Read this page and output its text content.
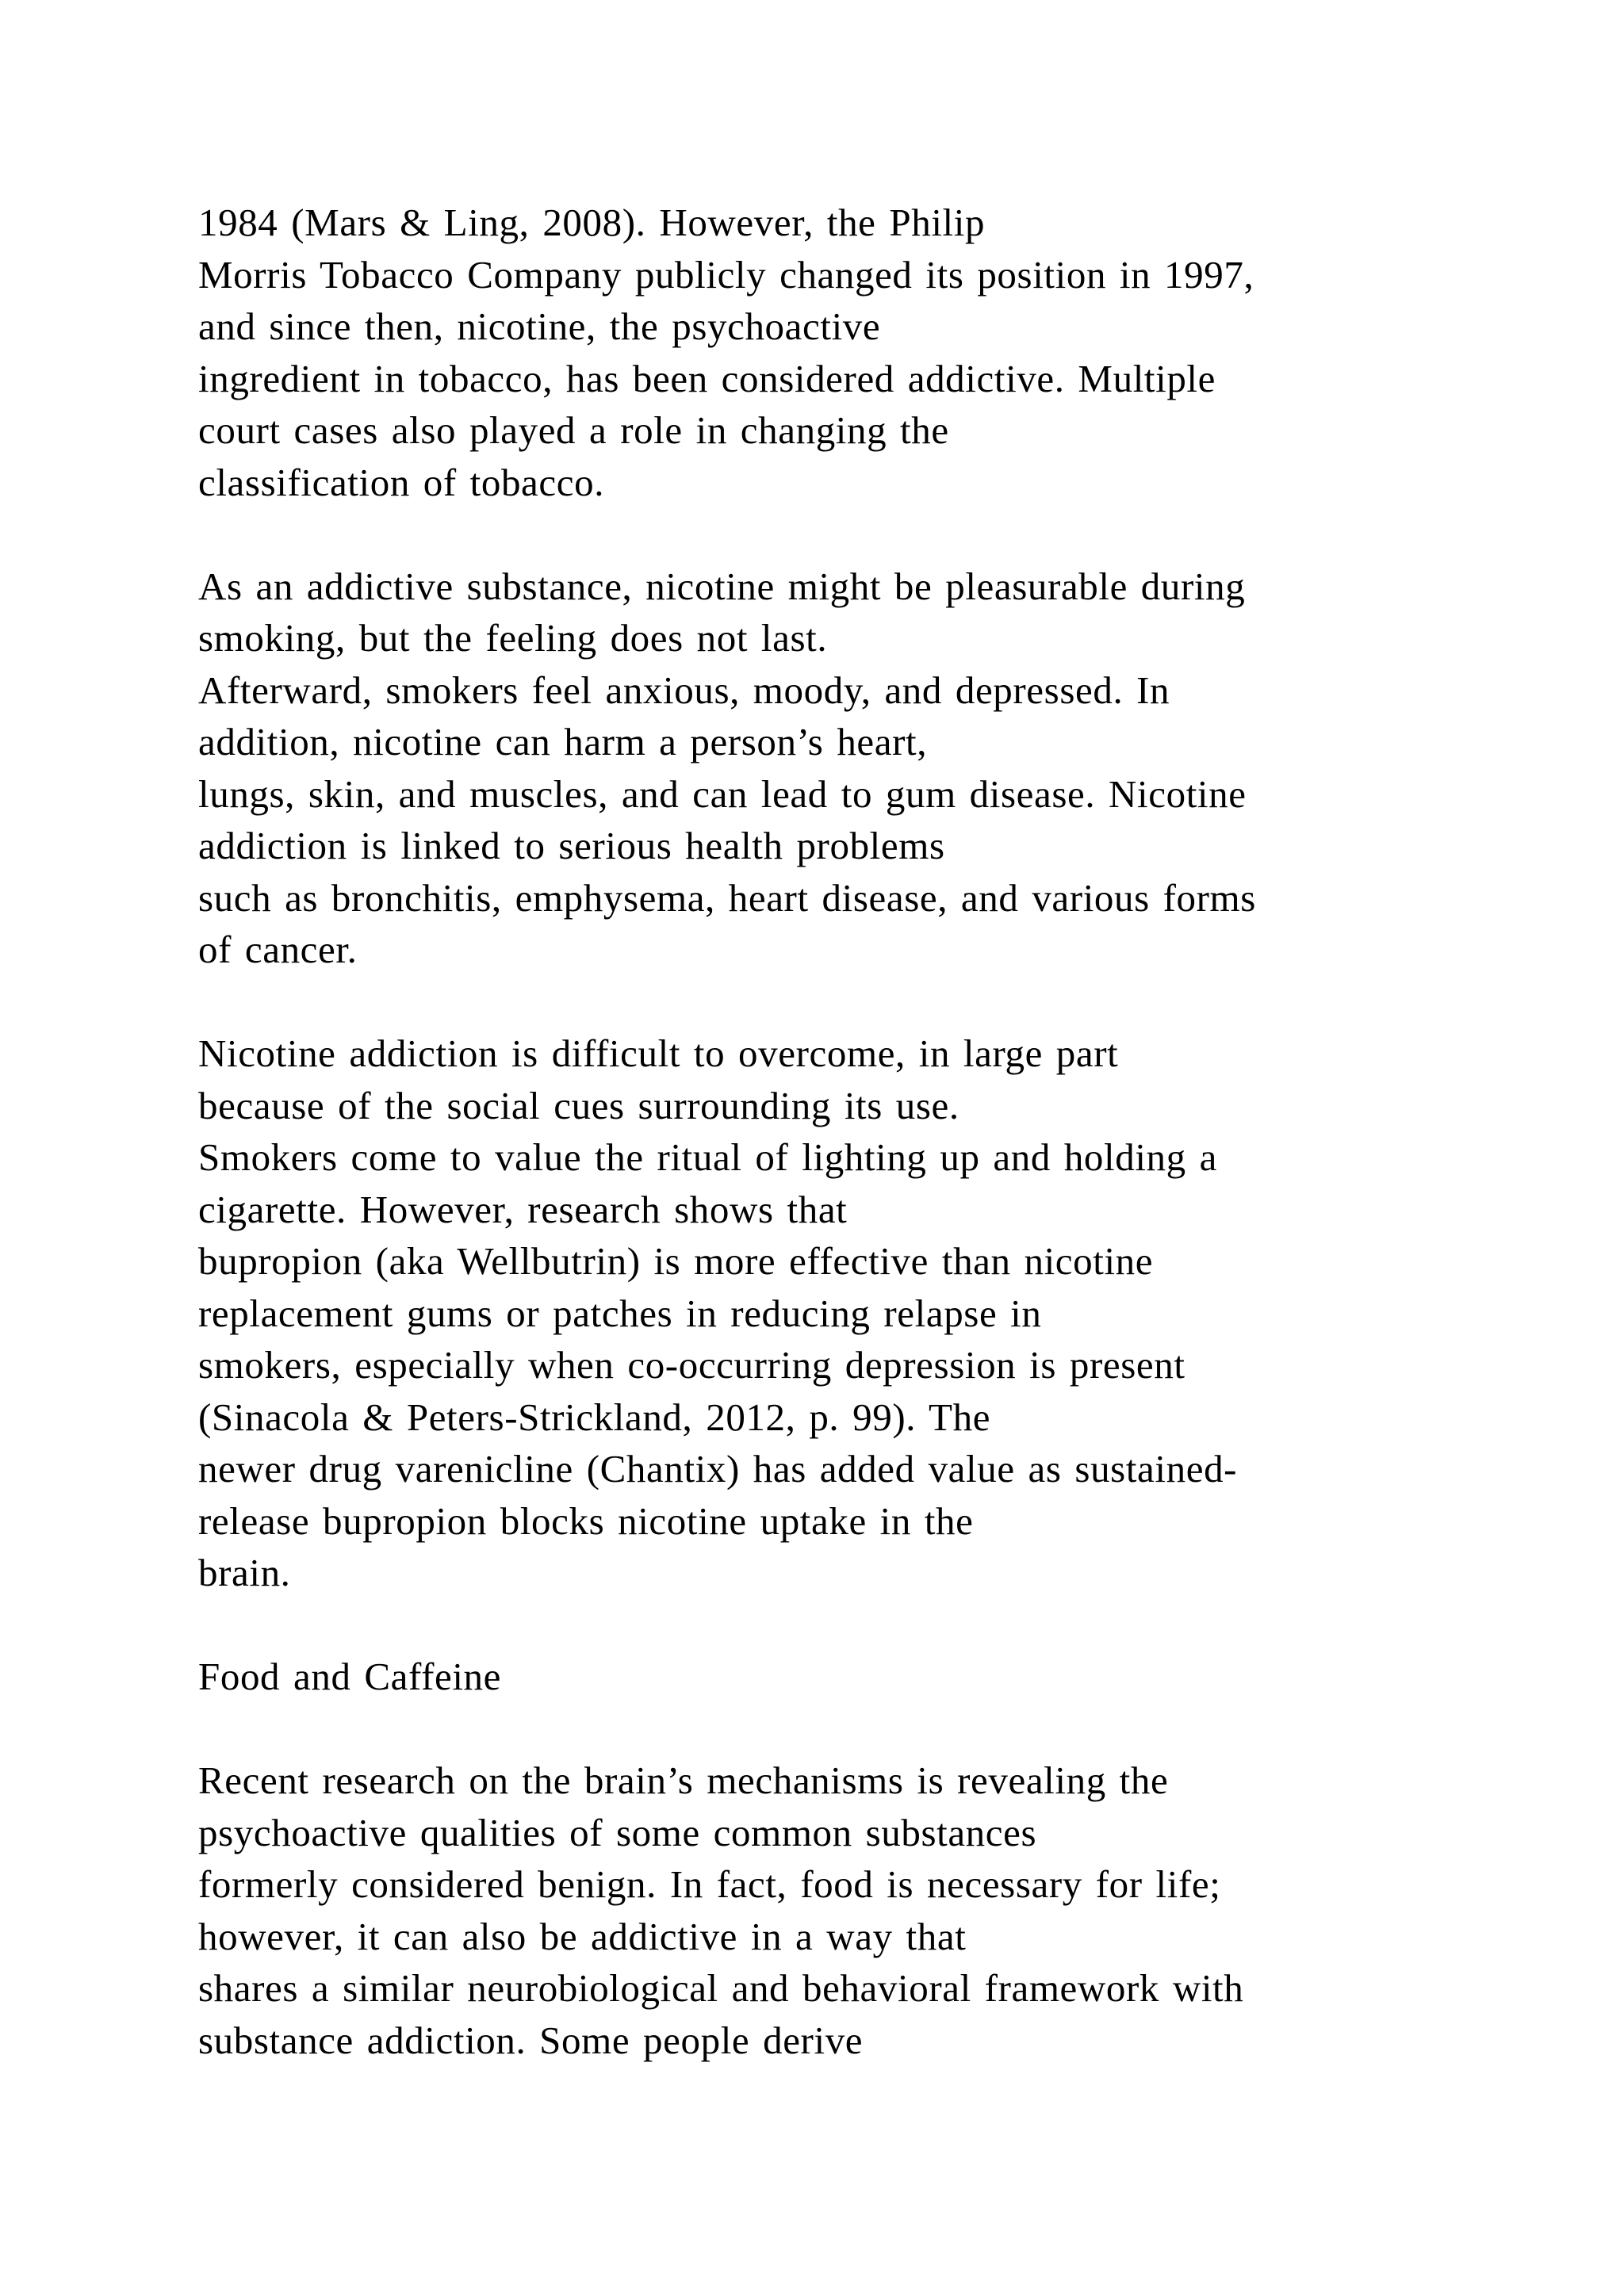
1984 (Mars & Ling, 2008). However, the Philip
Morris Tobacco Company publicly changed its position in 1997,
and since then, nicotine, the psychoactive
ingredient in tobacco, has been considered addictive. Multiple
court cases also played a role in changing the
classification of tobacco.
As an addictive substance, nicotine might be pleasurable during
smoking, but the feeling does not last.
Afterward, smokers feel anxious, moody, and depressed. In
addition, nicotine can harm a person’s heart,
lungs, skin, and muscles, and can lead to gum disease. Nicotine
addiction is linked to serious health problems
such as bronchitis, emphysema, heart disease, and various forms
of cancer.
Nicotine addiction is difficult to overcome, in large part
because of the social cues surrounding its use.
Smokers come to value the ritual of lighting up and holding a
cigarette. However, research shows that
bupropion (aka Wellbutrin) is more effective than nicotine
replacement gums or patches in reducing relapse in
smokers, especially when co-occurring depression is present
(Sinacola & Peters-Strickland, 2012, p. 99). The
newer drug varenicline (Chantix) has added value as sustained-
release bupropion blocks nicotine uptake in the
brain.
Food and Caffeine
Recent research on the brain’s mechanisms is revealing the
psychoactive qualities of some common substances
formerly considered benign. In fact, food is necessary for life;
however, it can also be addictive in a way that
shares a similar neurobiological and behavioral framework with
substance addiction. Some people derive
